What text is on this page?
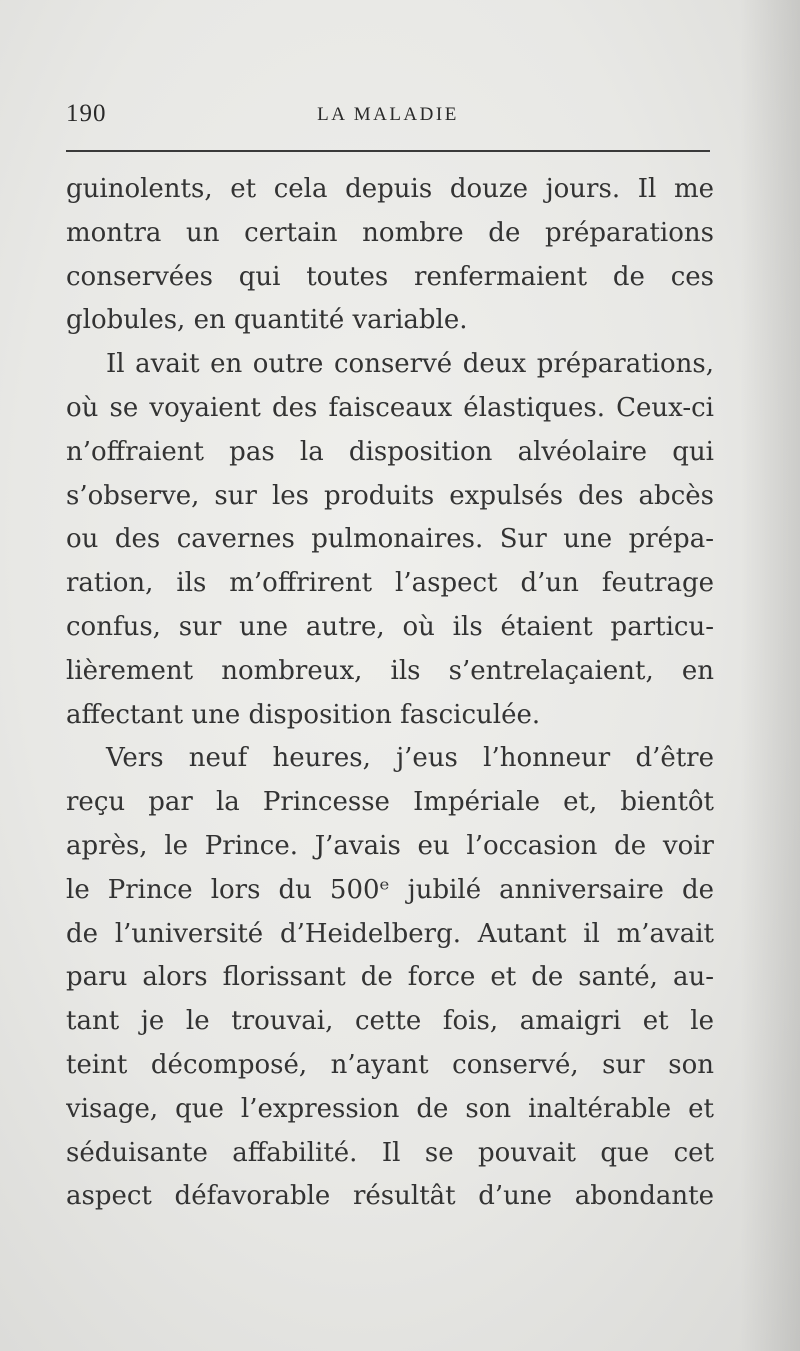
190	LA MALADIE
guinolents, et cela depuis douze jours. Il me
montra un certain nombre de préparations
conservées qui toutes renfermaient de ces
globules, en quantité variable.
Il avait en outre conservé deux préparations,
où se voyaient des faisceaux élastiques. Ceux-ci
n’offraient pas la disposition alvéolaire qui
s’observe, sur les produits expulsés des abcès
ou des cavernes pulmonaires. Sur une prépa-
ration, ils m’offrirent l’aspect d’un feutrage
confus, sur une autre, où ils étaient particu-
lièrement nombreux, ils s’entrelaçaient, en
affectant une disposition fasciculée.
Vers neuf heures, j’eus l’honneur d’être
reçu par la Princesse Impériale et, bientôt
après, le Prince. J’avais eu l’occasion de voir
le Prince lors du 500ᵉ jubilé anniversaire de
de l’université d’Heidelberg. Autant il m’avait
paru alors florissant de force et de santé, au-
tant je le trouvai, cette fois, amaigri et le
teint décomposé, n’ayant conservé, sur son
visage, que l’expression de son inaltérable et
séduisante affabilité. Il se pouvait que cet
aspect défavorable résultât d’une abondante
